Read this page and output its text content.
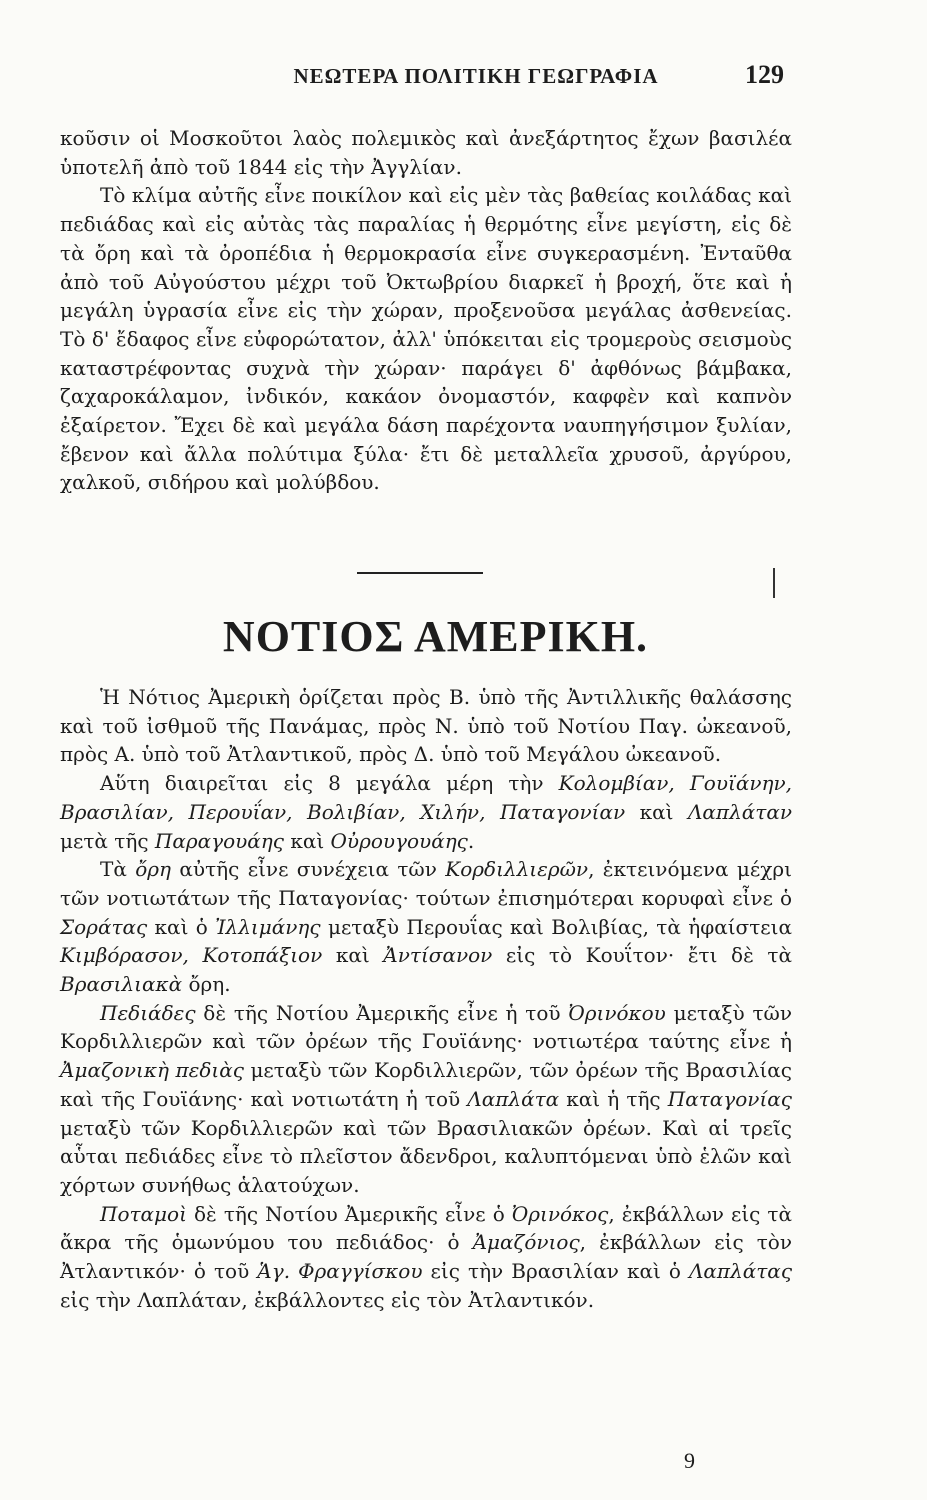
ΝΕΩΤΕΡΑ ΠΟΛΙΤΙΚΗ ΓΕΩΓΡΑΦΙΑ	129

κοῦσιν οἱ Μοσκοῦτοι λαὸς πολεμικὸς καὶ ἀνεξάρτητος ἔχων βασιλέα ὑποτελῆ ἀπὸ τοῦ 1844 εἰς τὴν Ἀγγλίαν.

Τὸ κλίμα αὐτῆς εἶνε ποικίλον καὶ εἰς μὲν τὰς βαθείας κοιλάδας καὶ πεδιάδας καὶ εἰς αὐτὰς τὰς παραλίας ἡ θερμότης εἶνε μεγίστη, εἰς δὲ τὰ ὄρη καὶ τὰ ὀροπέδια ἡ θερμοκρασία εἶνε συγκερασμένη. Ἐνταῦθα ἀπὸ τοῦ Αὐγούστου μέχρι τοῦ Ὀκτωβρίου διαρκεῖ ἡ βροχή, ὅτε καὶ ἡ μεγάλη ὑγρασία εἶνε εἰς τὴν χώραν, προξενοῦσα μεγάλας ἀσθενείας. Τὸ δ' ἔδαφος εἶνε εὐφορώτατον, ἀλλ' ὑπόκειται εἰς τρομεροὺς σεισμοὺς καταστρέφοντας συχνὰ τὴν χώραν· παράγει δ' ἀφθόνως βάμβακα, ζαχαροκάλαμον, ἰνδικόν, κακάον ὀνομαστόν, καφφὲν καὶ καπνὸν ἐξαίρετον. Ἔχει δὲ καὶ μεγάλα δάση παρέχοντα ναυπηγήσιμον ξυλίαν, ἔβενον καὶ ἄλλα πολύτιμα ξύλα· ἔτι δὲ μεταλλεῖα χρυσοῦ, ἀργύρου, χαλκοῦ, σιδήρου καὶ μολύβδου.

ΝΟΤΙΟΣ ΑΜΕΡΙΚΗ.

Ἡ Νότιος Ἀμερικὴ ὁρίζεται πρὸς Β. ὑπὸ τῆς Ἀντιλλικῆς θαλάσσης καὶ τοῦ ἰσθμοῦ τῆς Πανάμας, πρὸς Ν. ὑπὸ τοῦ Νοτίου Παγ. ὠκεανοῦ, πρὸς Α. ὑπὸ τοῦ Ἀτλαντικοῦ, πρὸς Δ. ὑπὸ τοῦ Μεγάλου ὠκεανοῦ.

Αὕτη διαιρεῖται εἰς 8 μεγάλα μέρη τὴν Κολομβίαν, Γουϊάνην, Βρασιλίαν, Περουΐαν, Βολιβίαν, Χιλήν, Παταγονίαν καὶ Λαπλάταν μετὰ τῆς Παραγουάης καὶ Οὐρουγουάης.

Τὰ ὄρη αὐτῆς εἶνε συνέχεια τῶν Κορδιλλιερῶν, ἐκτεινόμενα μέχρι τῶν νοτιωτάτων τῆς Παταγονίας· τούτων ἐπισημότεραι κορυφαὶ εἶνε ὁ Σοράτας καὶ ὁ Ἰλλιμάνης μεταξὺ Περουΐας καὶ Βολιβίας, τὰ ἡφαίστεια Κιμβόρασον, Κοτοπάξιον καὶ Ἀντίσανον εἰς τὸ Κουΐτον· ἔτι δὲ τὰ Βρασιλιακὰ ὄρη.

Πεδιάδες δὲ τῆς Νοτίου Ἀμερικῆς εἶνε ἡ τοῦ Ὀρινόκου μεταξὺ τῶν Κορδιλλιερῶν καὶ τῶν ὀρέων τῆς Γουϊάνης· νοτιωτέρα ταύτης εἶνε ἡ Ἀμαζονικὴ πεδιὰς μεταξὺ τῶν Κορδιλλιερῶν, τῶν ὀρέων τῆς Βρασιλίας καὶ τῆς Γουϊάνης· καὶ νοτιωτάτη ἡ τοῦ Λαπλάτα καὶ ἡ τῆς Παταγονίας μεταξὺ τῶν Κορδιλλιερῶν καὶ τῶν Βρασιλιακῶν ὀρέων. Καὶ αἱ τρεῖς αὗται πεδιάδες εἶνε τὸ πλεῖστον ἄδενδροι, καλυπτόμεναι ὑπὸ ἑλῶν καὶ χόρτων συνήθως ἁλατούχων.

Ποταμοὶ δὲ τῆς Νοτίου Ἀμερικῆς εἶνε ὁ Ὀρινόκος, ἐκβάλλων εἰς τὰ ἄκρα τῆς ὁμωνύμου του πεδιάδος· ὁ Ἀμαζόνιος, ἐκβάλλων εἰς τὸν Ἀτλαντικόν· ὁ τοῦ Ἁγ. Φραγγίσκου εἰς τὴν Βρασιλίαν καὶ ὁ Λαπλάτας εἰς τὴν Λαπλάταν, ἐκβάλλοντες εἰς τὸν Ἀτλαντικόν.

9
